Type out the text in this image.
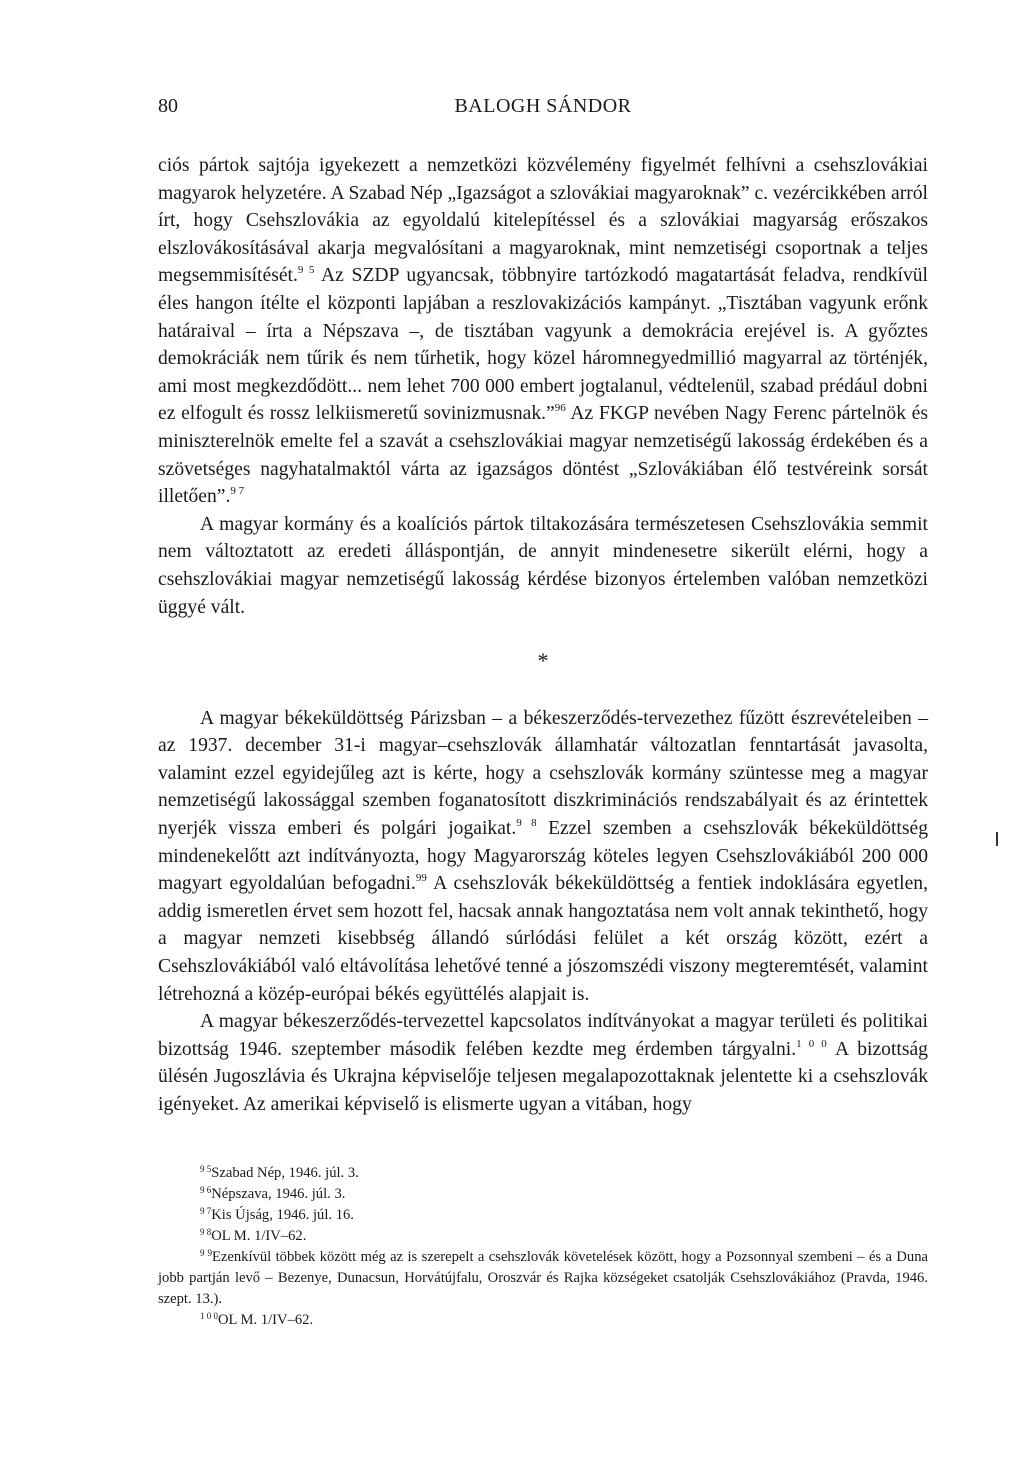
80	BALOGH SÁNDOR

ciós pártok sajtója igyekezett a nemzetközi közvélemény figyelmét felhívni a csehszlovákiai magyarok helyzetére. A Szabad Nép „Igazságot a szlovákiai magyaroknak” c. vezércikkében arról írt, hogy Csehszlovákia az egyoldalú kitelepítéssel és a szlovákiai magyarság erőszakos elszlovákosításával akarja megvalósítani a magyaroknak, mint nemzetiségi csoportnak a teljes megsemmisítését.$^{9 5}$ Az SZDP ugyancsak, többnyire tartózkodó magatartását feladva, rendkívül éles hangon ítélte el központi lapjában a reszlovakizációs kampányt. „Tisztában vagyunk erőnk határaival – írta a Népszava –, de tisztában vagyunk a demokrácia erejével is. A győztes demokráciák nem tűrik és nem tűrhetik, hogy közel háromnegyedmillió magyarral az történjék, ami most megkezdődött... nem lehet 700 000 embert jogtalanul, védtelenül, szabad prédául dobni ez elfogult és rossz lelkiismeretű sovinizmusnak.”$^{96}$ Az FKGP nevében Nagy Ferenc pártelnök és miniszterelnök emelte fel a szavát a csehszlovákiai magyar nemzetiségű lakosság érdekében és a szövetséges nagyhatalmaktól várta az igazságos döntést „Szlovákiában élő testvéreink sorsát illetően”.$^{9 7}$

A magyar kormány és a koalíciós pártok tiltakozására természetesen Csehszlovákia semmit nem változtatott az eredeti álláspontján, de annyit mindenesetre sikerült elérni, hogy a csehszlovákiai magyar nemzetiségű lakosság kérdése bizonyos értelemben valóban nemzetközi üggyé vált.

*

A magyar békeküldöttség Párizsban – a békeszerződés-tervezethez fűzött észrevételeiben – az 1937. december 31-i magyar–csehszlovák államhatár változatlan fenntartását javasolta, valamint ezzel egyidejűleg azt is kérte, hogy a csehszlovák kormány szüntesse meg a magyar nemzetiségű lakossággal szemben foganatosított diszkriminációs rendszabályait és az érintettek nyerjék vissza emberi és polgári jogaikat.$^{9 8}$ Ezzel szemben a csehszlovák békeküldöttség mindenekelőtt azt indítványozta, hogy Magyarország köteles legyen Csehszlovákiából 200 000 magyart egyoldalúan befogadni.$^{99}$ A csehszlovák békeküldöttség a fentiek indoklására egyetlen, addig ismeretlen érvet sem hozott fel, hacsak annak hangoztatása nem volt annak tekinthető, hogy a magyar nemzeti kisebbség állandó súrlódási felület a két ország között, ezért a Csehszlovákiából való eltávolítása lehetővé tenné a jószomszédi viszony megteremtését, valamint létrehozná a közép-európai békés együttélés alapjait is.

A magyar békeszerződés-tervezettel kapcsolatos indítványokat a magyar területi és politikai bizottság 1946. szeptember második felében kezdte meg érdemben tárgyalni.$^{1 0 0}$ A bizottság ülésén Jugoszlávia és Ukrajna képviselője teljesen megalapozottaknak jelentette ki a csehszlovák igényeket. Az amerikai képviselő is elismerte ugyan a vitában, hogy

$^{9 5}$Szabad Nép, 1946. júl. 3.

$^{9 6}$Népszava, 1946. júl. 3.

$^{9 7}$Kis Újság, 1946. júl. 16.

$^{9 8}$OL M. 1/IV–62.

$^{9 9}$Ezenkívül többek között még az is szerepelt a csehszlovák követelések között, hogy a Pozsonnyal szembeni – és a Duna jobb partján levő – Bezenye, Dunacsun, Horvátújfalu, Oroszvár és Rajka községeket csatolják Csehszlovákiához (Pravda, 1946. szept. 13.).

$^{1 0 0}$OL M. 1/IV–62.
